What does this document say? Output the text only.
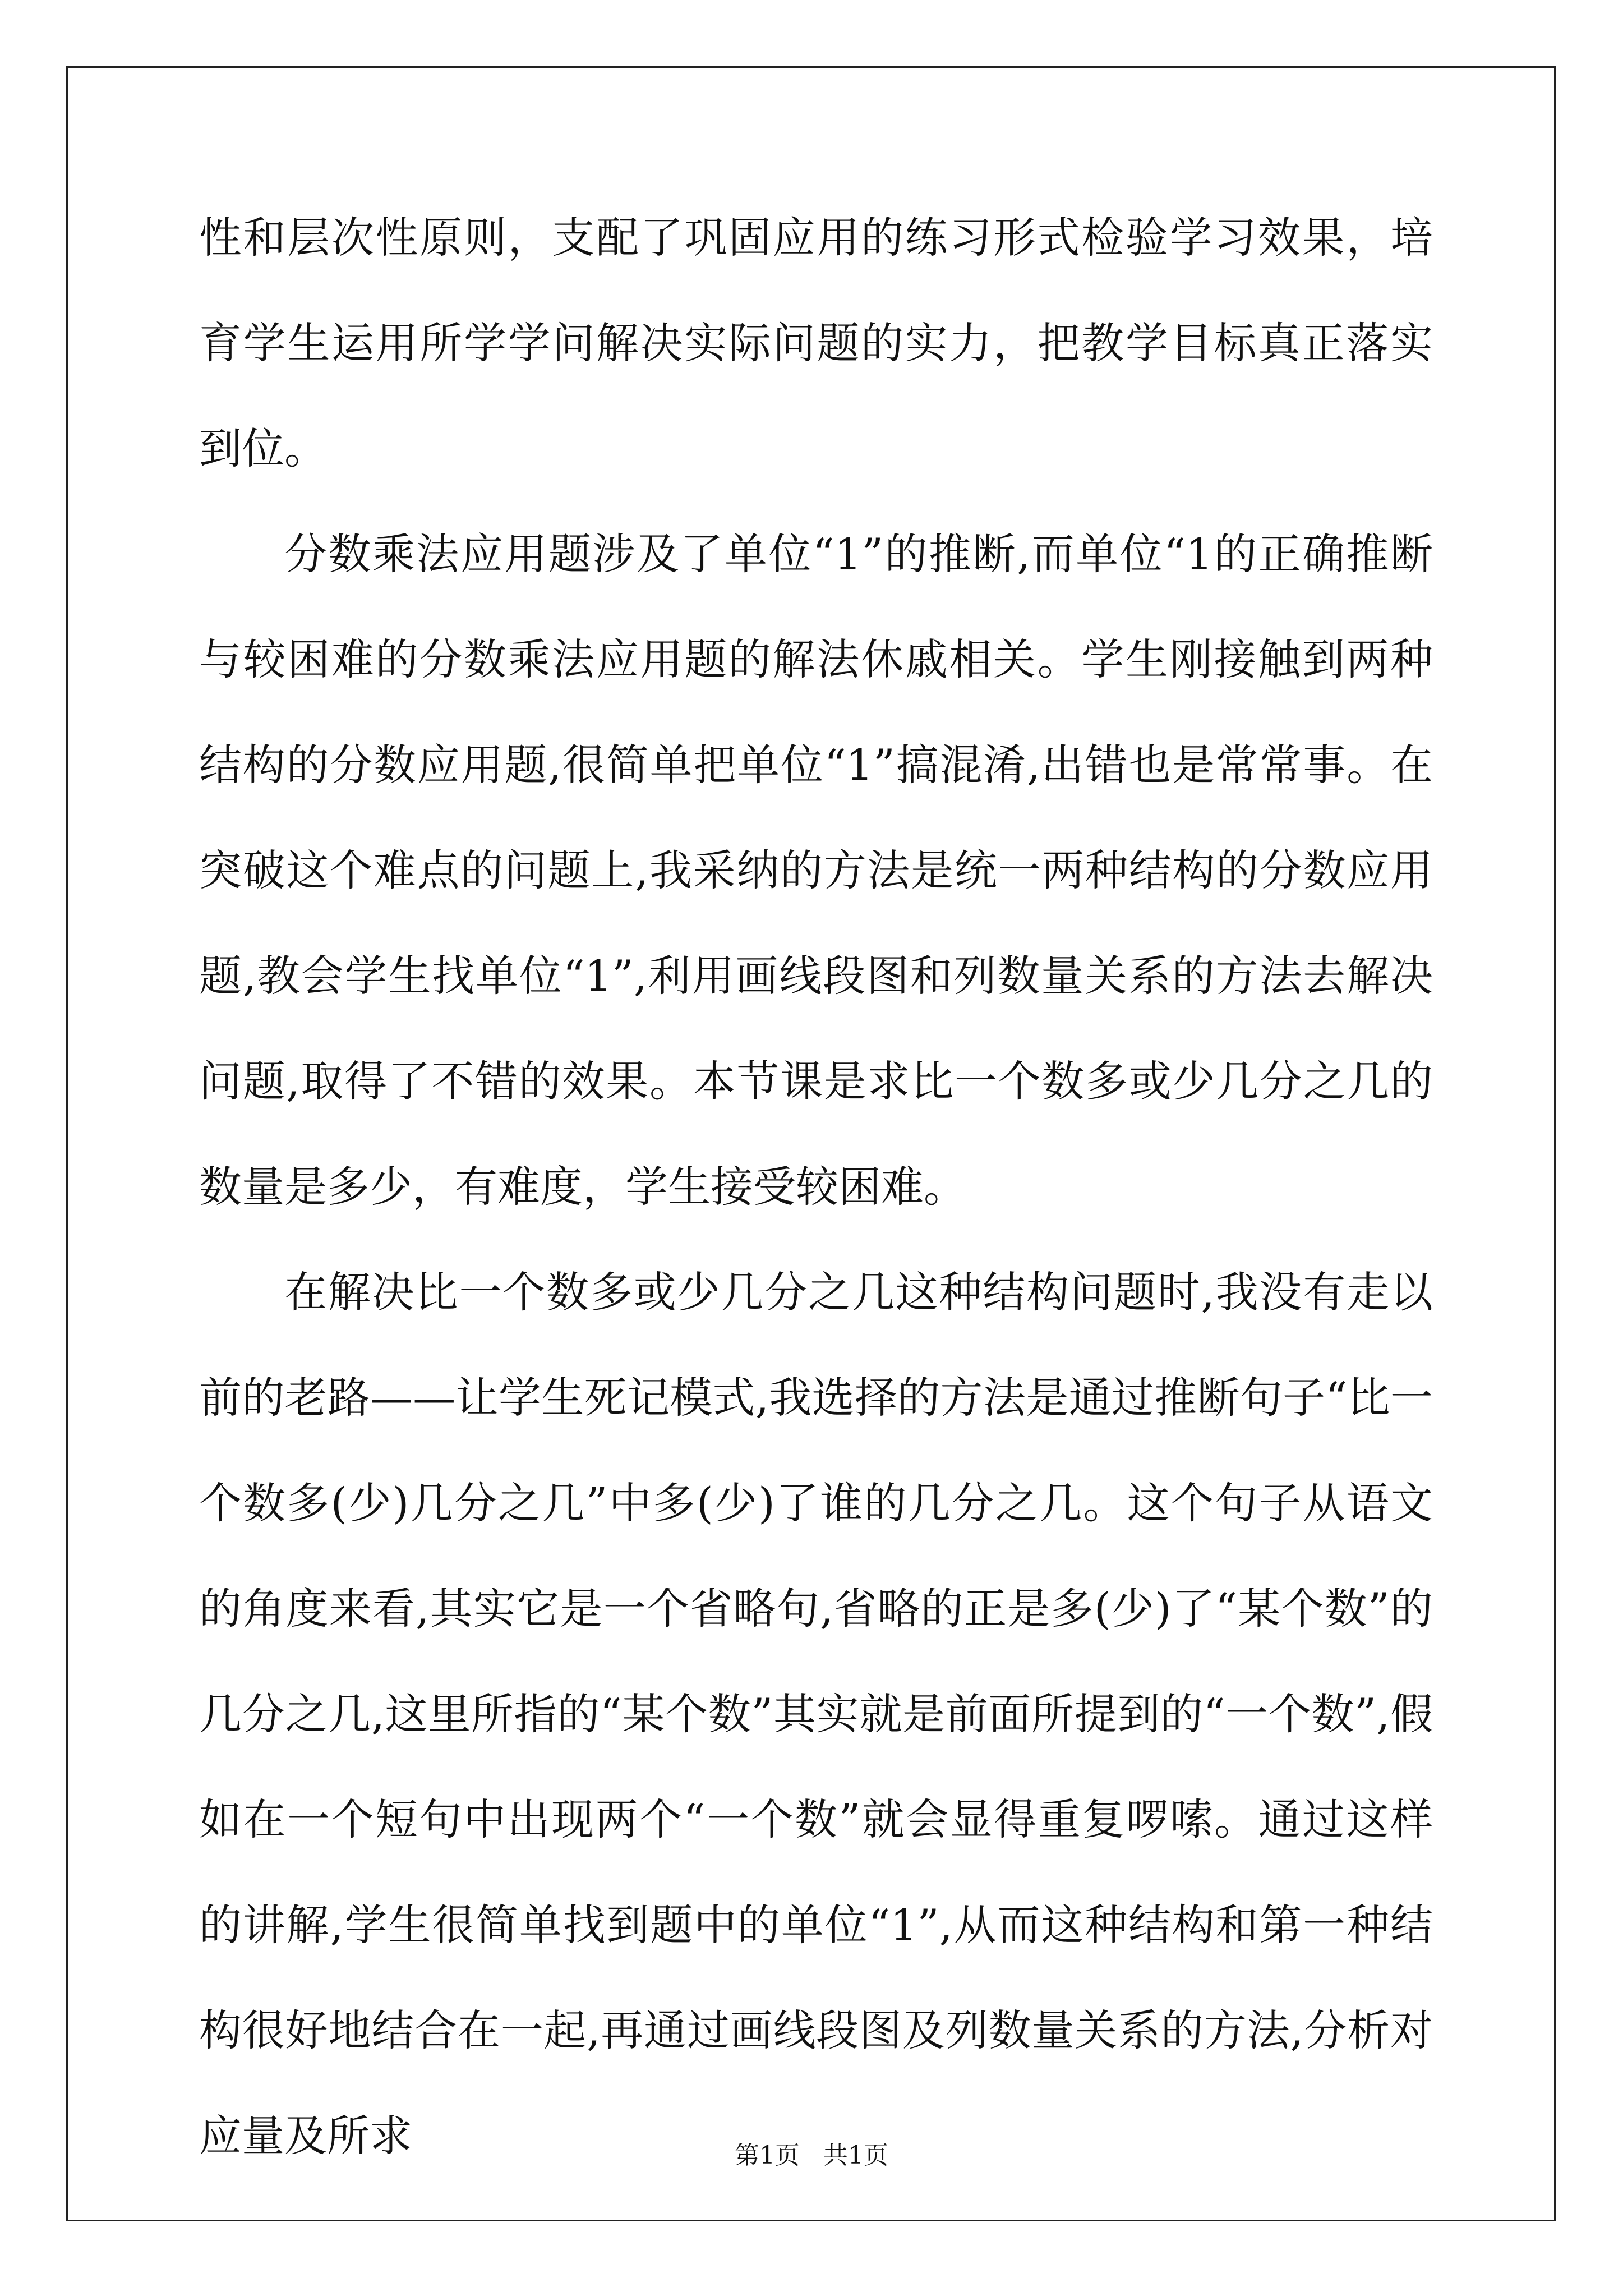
性和层次性原则，支配了巩固应用的练习形式检验学习效果，培育学生运用所学学问解决实际问题的实力，把教学目标真正落实到位。

分数乘法应用题涉及了单位“1”的推断,而单位“1的正确推断与较困难的分数乘法应用题的解法休戚相关。学生刚接触到两种结构的分数应用题,很简单把单位“1”搞混淆,出错也是常常事。在突破这个难点的问题上,我采纳的方法是统一两种结构的分数应用题,教会学生找单位“1”,利用画线段图和列数量关系的方法去解决问题,取得了不错的效果。本节课是求比一个数多或少几分之几的数量是多少，有难度，学生接受较困难。

在解决比一个数多或少几分之几这种结构问题时,我没有走以前的老路——让学生死记模式,我选择的方法是通过推断句子“比一个数多(少)几分之几”中多(少)了谁的几分之几。这个句子从语文的角度来看,其实它是一个省略句,省略的正是多(少)了“某个数”的几分之几,这里所指的“某个数”其实就是前面所提到的“一个数”,假如在一个短句中出现两个“一个数”就会显得重复啰嗦。通过这样的讲解,学生很简单找到题中的单位“1”,从而这种结构和第一种结构很好地结合在一起,再通过画线段图及列数量关系的方法,分析对应量及所求	第1页   共1页
